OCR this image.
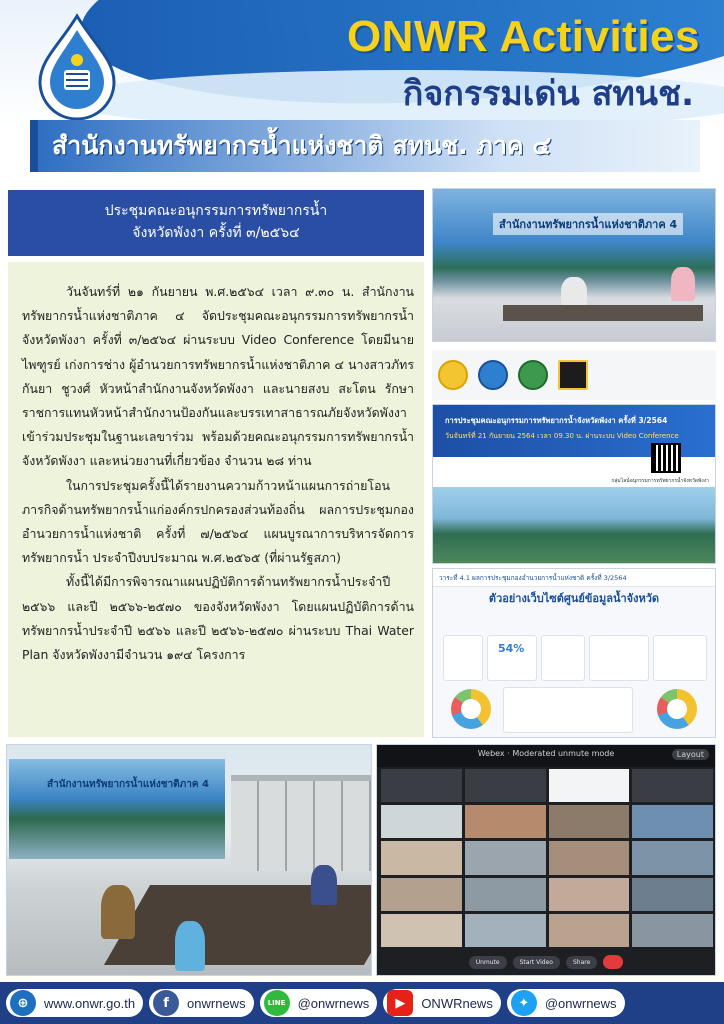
ONWR Activities
กิจกรรมเด่น สทนช.
สำนักงานทรัพยากรน้ำแห่งชาติ สทนช. ภาค ๔
ประชุมคณะอนุกรรมการทรัพยากรน้ำ
จังหวัดพังงา ครั้งที่ ๓/๒๕๖๔

วันจันทร์ที่ ๒๑ กันยายน พ.ศ.๒๕๖๔ เวลา ๙.๓๐ น. สำนักงานทรัพยากรน้ำแห่งชาติภาค ๔ จัดประชุมคณะอนุกรรมการทรัพยากรน้ำจังหวัดพังงา ครั้งที่ ๓/๒๕๖๔ ผ่านระบบ Video Conference โดยมีนายไพฑูรย์ เก่งการช่าง ผู้อำนวยการทรัพยากรน้ำแห่งชาติภาค ๔ นางสาวภัทรกันยา ชูวงศ์ หัวหน้าสำนักงานจังหวัดพังงา และนายสงบ สะโตน รักษาราชการแทนหัวหน้าสำนักงานป้องกันและบรรเทาสาธารณภัยจังหวัดพังงา เข้าร่วมประชุมในฐานะเลขาร่วม พร้อมด้วยคณะอนุกรรมการทรัพยากรน้ำจังหวัดพังงา และหน่วยงานที่เกี่ยวข้อง จำนวน ๒๘ ท่าน

ในการประชุมครั้งนี้ได้รายงานความก้าวหน้าแผนการถ่ายโอนภารกิจด้านทรัพยากรน้ำแก่องค์กรปกครองส่วนท้องถิ่น ผลการประชุมกองอำนวยการน้ำแห่งชาติ ครั้งที่ ๗/๒๕๖๔ แผนบูรณาการบริหารจัดการทรัพยากรน้ำ ประจำปีงบประมาณ พ.ศ.๒๕๖๕ (ที่ผ่านรัฐสภา)

ทั้งนี้ได้มีการพิจารณาแผนปฏิบัติการด้านทรัพยากรน้ำประจำปี ๒๕๖๖ และปี ๒๕๖๖-๒๕๗๐ ของจังหวัดพังงา โดยแผนปฏิบัติการด้านทรัพยากรน้ำประจำปี ๒๕๖๖ และปี ๒๕๖๖-๒๕๗๐ ผ่านระบบ Thai Water Plan จังหวัดพังงามีจำนวน ๑๙๔ โครงการ

สำนักงานทรัพยากรน้ำแห่งชาติภาค 4
การประชุมคณะอนุกรรมการทรัพยากรน้ำจังหวัดพังงา ครั้งที่ 3/2564
วันจันทร์ที่ 21 กันยายน 2564 เวลา 09.30 น. ผ่านระบบ Video Conference
กลุ่มไลน์อนุกรรมการทรัพยากรน้ำจังหวัดพังงา
วาระที่ 4.1 ผลการประชุมกองอำนวยการน้ำแห่งชาติ ครั้งที่ 3/2564
ตัวอย่างเว็บไซต์ศูนย์ข้อมูลน้ำจังหวัด
54%
สำนักงานทรัพยากรน้ำแห่งชาติภาค 4
Webex · Moderated unmute mode	Layout
Unmute	Start Video	Share
⊕	www.onwr.go.th	f	onwrnews	LINE @onwrnews	▶	ONWRnews	✦	@onwrnews
